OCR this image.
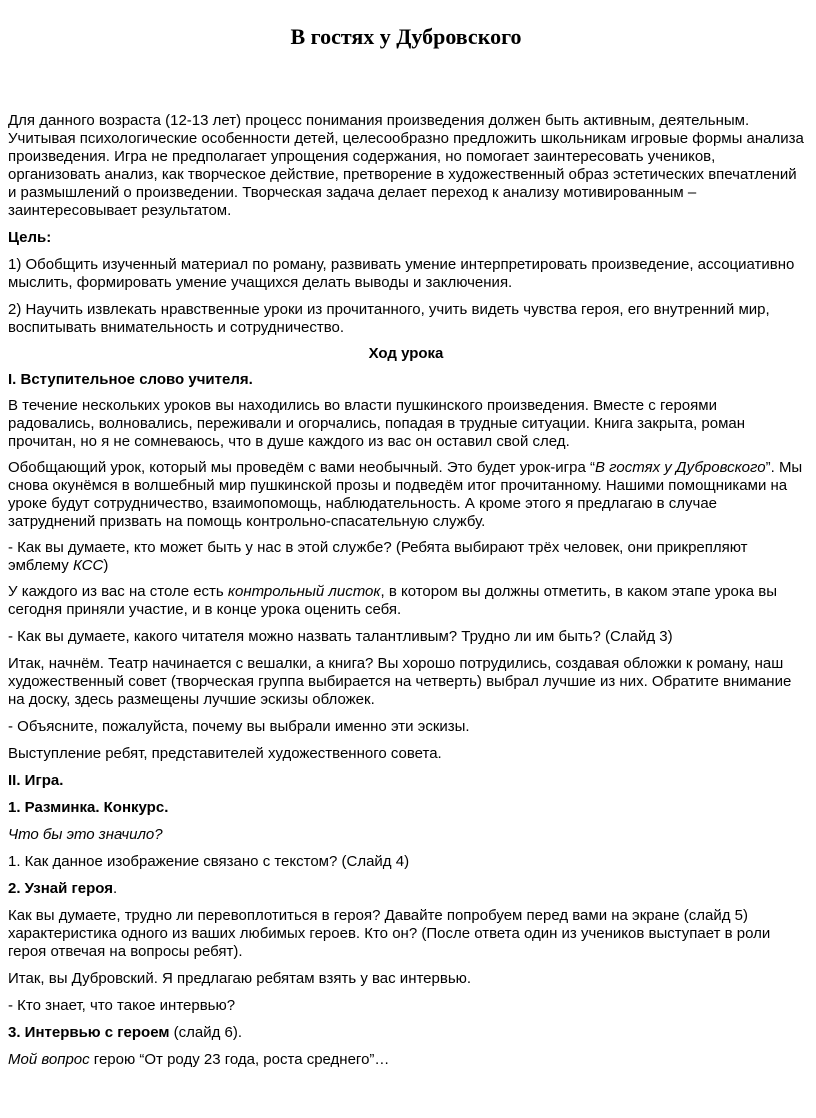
В гостях у Дубровского

Для данного возраста (12-13 лет) процесс понимания произведения должен быть активным, деятельным. Учитывая психологические особенности детей, целесообразно предложить школьникам игровые формы анализа произведения. Игра не предполагает упрощения содержания, но помогает заинтересовать учеников, организовать анализ, как творческое действие, претворение в художественный образ эстетических впечатлений и размышлений о произведении. Творческая задача делает переход к анализу мотивированным – заинтересовывает результатом.

Цель:

1) Обобщить изученный материал по роману, развивать умение интерпретировать произведение, ассоциативно мыслить, формировать умение учащихся делать выводы и заключения.

2) Научить извлекать нравственные уроки из прочитанного, учить видеть чувства героя, его внутренний мир, воспитывать внимательность и сотрудничество.

Ход урока

I. Вступительное слово учителя.

В течение нескольких уроков вы находились во власти пушкинского произведения. Вместе с героями радовались, волновались, переживали и огорчались, попадая в трудные ситуации. Книга закрыта, роман прочитан, но я не сомневаюсь, что в душе каждого из вас он оставил свой след.

Обобщающий урок, который мы проведём с вами необычный. Это будет урок-игра “В гостях у Дубровского”. Мы снова окунёмся в волшебный мир пушкинской прозы и подведём итог прочитанному. Нашими помощниками на уроке будут сотрудничество, взаимопомощь, наблюдательность. А кроме этого я предлагаю в случае затруднений призвать на помощь контрольно-спасательную службу.

- Как вы думаете, кто может быть у нас в этой службе? (Ребята выбирают трёх человек, они прикрепляют эмблему КСС)

У каждого из вас на столе есть контрольный листок, в котором вы должны отметить, в каком этапе урока вы сегодня приняли участие, и в конце урока оценить себя.

- Как вы думаете, какого читателя можно назвать талантливым? Трудно ли им быть? (Слайд 3)

Итак, начнём. Театр начинается с вешалки, а книга? Вы хорошо потрудились, создавая обложки к роману, наш художественный совет (творческая группа выбирается на четверть) выбрал лучшие из них. Обратите внимание на доску, здесь размещены лучшие эскизы обложек.

- Объясните, пожалуйста, почему вы выбрали именно эти эскизы.

Выступление ребят, представителей художественного совета.

II. Игра.

1. Разминка. Конкурс.

Что бы это значило?

1. Как данное изображение связано с текстом? (Слайд 4)

2. Узнай героя.

Как вы думаете, трудно ли перевоплотиться в героя? Давайте попробуем перед вами на экране (слайд 5) характеристика одного из ваших любимых героев. Кто он? (После ответа один из учеников выступает в роли героя отвечая на вопросы ребят).

Итак, вы Дубровский. Я предлагаю ребятам взять у вас интервью.

- Кто знает, что такое интервью?

3. Интервью с героем (слайд 6).

Мой вопрос герою “От роду 23 года, роста среднего”…
